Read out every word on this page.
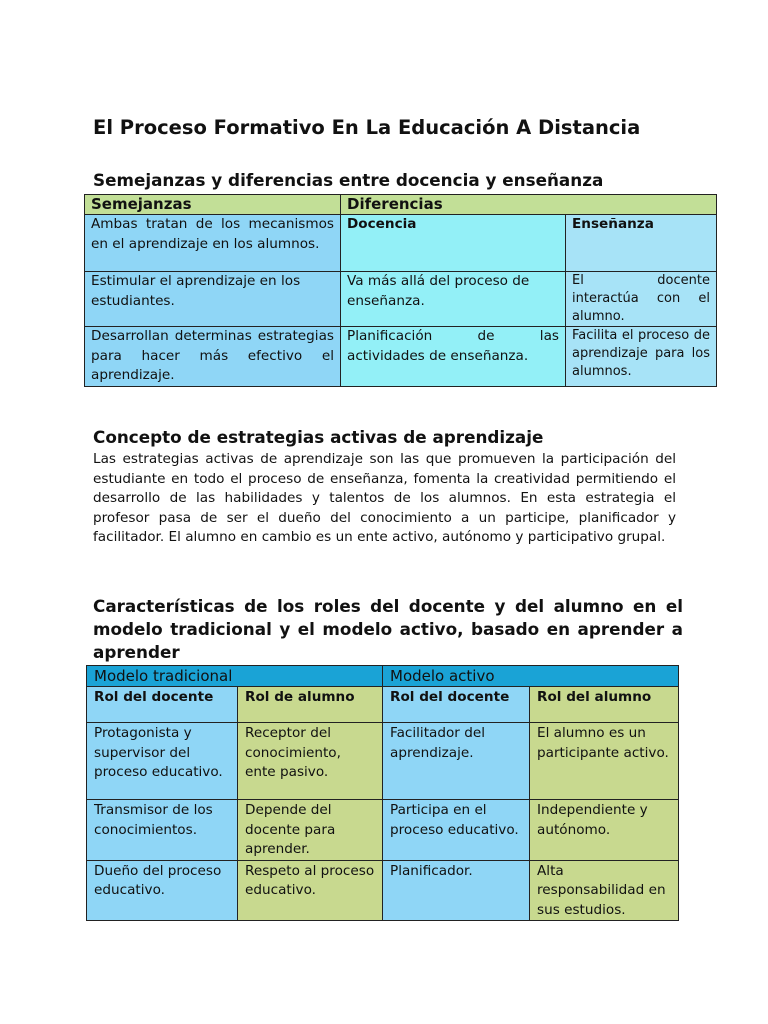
El Proceso Formativo En La Educación A Distancia
Semejanzas y diferencias entre docencia y enseñanza
Semejanzas	Diferencias	
Ambas tratan de los mecanismos en el aprendizaje en los alumnos.	Docencia	Enseñanza
Estimular el aprendizaje en los estudiantes.	Va más allá del proceso de enseñanza.	El docente interactúa con el alumno.
Desarrollan determinas estrategias para hacer más efectivo el aprendizaje.	Planificación de las actividades de enseñanza.	Facilita el proceso de aprendizaje para los alumnos.
Concepto de estrategias activas de aprendizaje

Las estrategias activas de aprendizaje son las que promueven la participación del estudiante en todo el proceso de enseñanza, fomenta la creatividad permitiendo el desarrollo de las habilidades y talentos de los alumnos. En esta estrategia el profesor pasa de ser el dueño del conocimiento a un participe, planificador y facilitador. El alumno en cambio es un ente activo, autónomo y participativo grupal.

Características de los roles del docente y del alumno en el modelo tradicional y el modelo activo, basado en aprender a aprender
Modelo tradicional		Modelo activo	
Rol del docente	Rol de alumno	Rol del docente	Rol del alumno
Protagonista y supervisor del proceso educativo.	Receptor del conocimiento, ente pasivo.	Facilitador del aprendizaje.	El alumno es un participante activo.
Transmisor de los conocimientos.	Depende del docente para aprender.	Participa en el proceso educativo.	Independiente y autónomo.
Dueño del proceso educativo.	Respeto al proceso educativo.	Planificador.	Alta responsabilidad en sus estudios.
